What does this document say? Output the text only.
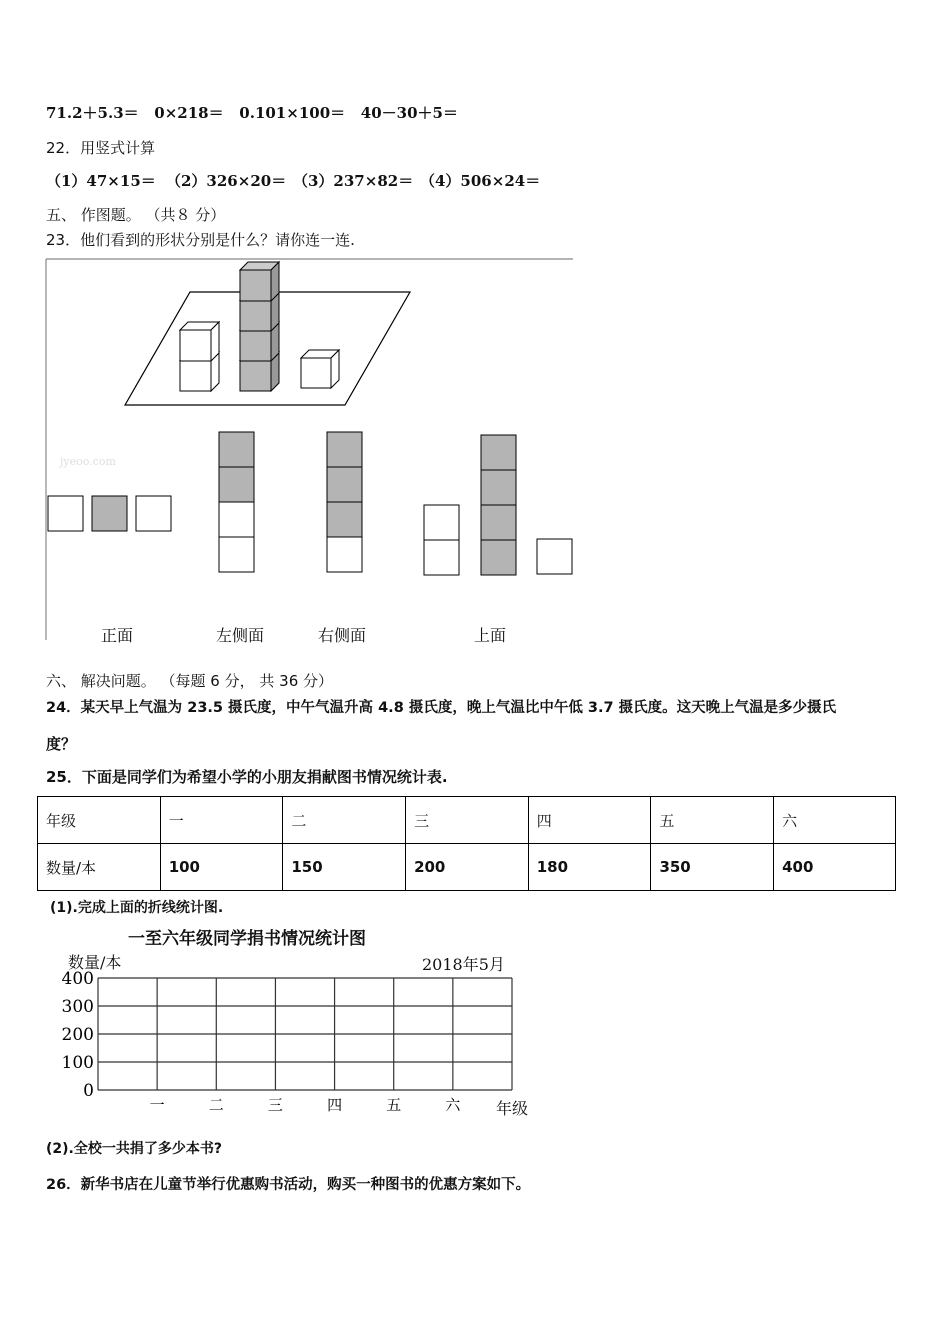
71.2＋5.3＝   0×218＝   0.101×100＝   40－30＋5＝
22．用竖式计算
（1）47×15＝ （2）326×20＝ （3）237×82＝ （4）506×24＝
五、 作图题。 （共８ 分）
23．他们看到的形状分别是什么？请你连一连.
jyeoo.com
正面	左侧面	右侧面	上面
六、 解决问题。 （每题 6 分， 共 36 分）
24．某天早上气温为 23.5 摄氏度，中午气温升高 4.8 摄氏度，晚上气温比中午低 3.7 摄氏度。这天晚上气温是多少摄氏
度？
25．下面是同学们为希望小学的小朋友捐献图书情况统计表.
年级	一	二	三	四	五	六
数量/本	100	150	200	180	350	400
(1).完成上面的折线统计图.
一至六年级同学捐书情况统计图
数量/本	2018年5月
0
100
200
300
400
一	二	三	四	五	六 年级
(2).全校一共捐了多少本书?
26．新华书店在儿童节举行优惠购书活动，购买一种图书的优惠方案如下。
